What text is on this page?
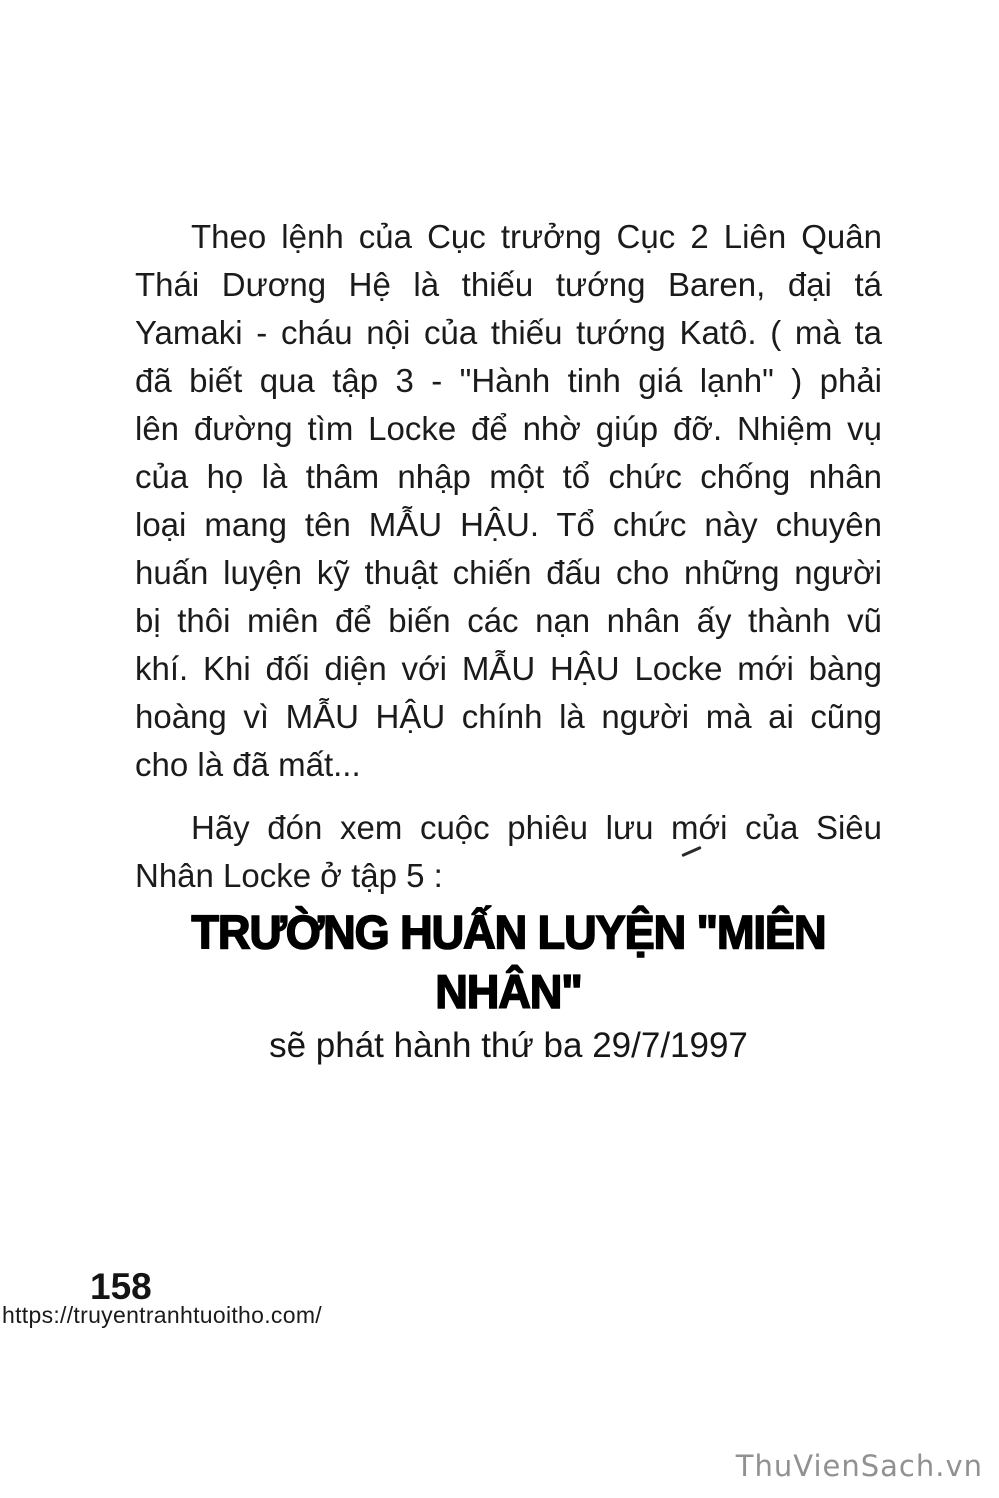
Theo lệnh của Cục trưởng Cục 2 Liên Quân
Thái Dương Hệ là thiếu tướng Baren, đại tá
Yamaki - cháu nội của thiếu tướng Katô. ( mà ta
đã biết qua tập 3 - "Hành tinh giá lạnh" ) phải
lên đường tìm Locke để nhờ giúp đỡ. Nhiệm vụ
của họ là thâm nhập một tổ chức chống nhân
loại mang tên MẪU HẬU. Tổ chức này chuyên
huấn luyện kỹ thuật chiến đấu cho những người
bị thôi miên để biến các nạn nhân ấy thành vũ
khí. Khi đối diện với MẪU HẬU Locke mới bàng
hoàng vì MẪU HẬU chính là người mà ai cũng
cho là đã mất...
Hãy đón xem cuộc phiêu lưu mới của Siêu
Nhân Locke ở tập 5 :
TRƯỜNG HUẤN LUYỆN "MIÊN NHÂN"
sẽ phát hành thứ ba 29/7/1997
158
https://truyentranhtuoitho.com/
ThuVienSach.vn
